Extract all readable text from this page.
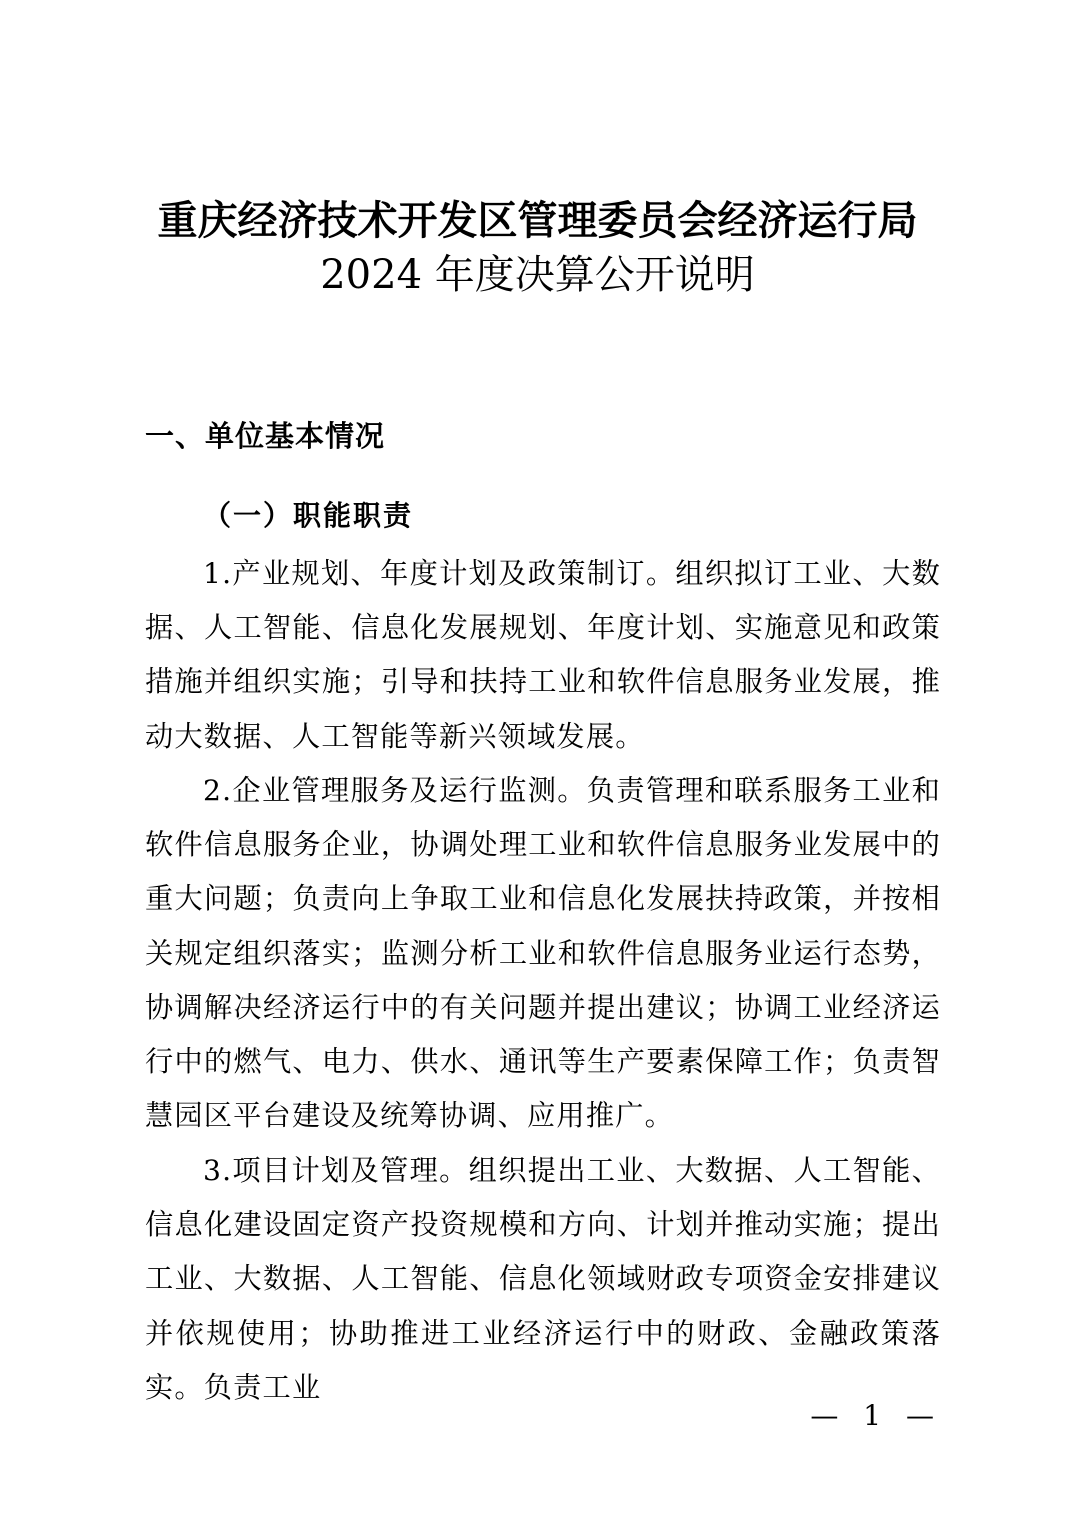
重庆经济技术开发区管理委员会经济运行局
2024 年度决算公开说明
一、单位基本情况
（一）职能职责

1.产业规划、年度计划及政策制订。组织拟订工业、大数据、人工智能、信息化发展规划、年度计划、实施意见和政策措施并组织实施；引导和扶持工业和软件信息服务业发展，推动大数据、人工智能等新兴领域发展。

2.企业管理服务及运行监测。负责管理和联系服务工业和软件信息服务企业，协调处理工业和软件信息服务业发展中的重大问题；负责向上争取工业和信息化发展扶持政策，并按相关规定组织落实；监测分析工业和软件信息服务业运行态势，协调解决经济运行中的有关问题并提出建议；协调工业经济运行中的燃气、电力、供水、通讯等生产要素保障工作；负责智慧园区平台建设及统筹协调、应用推广。

3.项目计划及管理。组织提出工业、大数据、人工智能、信息化建设固定资产投资规模和方向、计划并推动实施；提出工业、大数据、人工智能、信息化领域财政专项资金安排建议并依规使用；协助推进工业经济运行中的财政、金融政策落实。负责工业

— 1 —
